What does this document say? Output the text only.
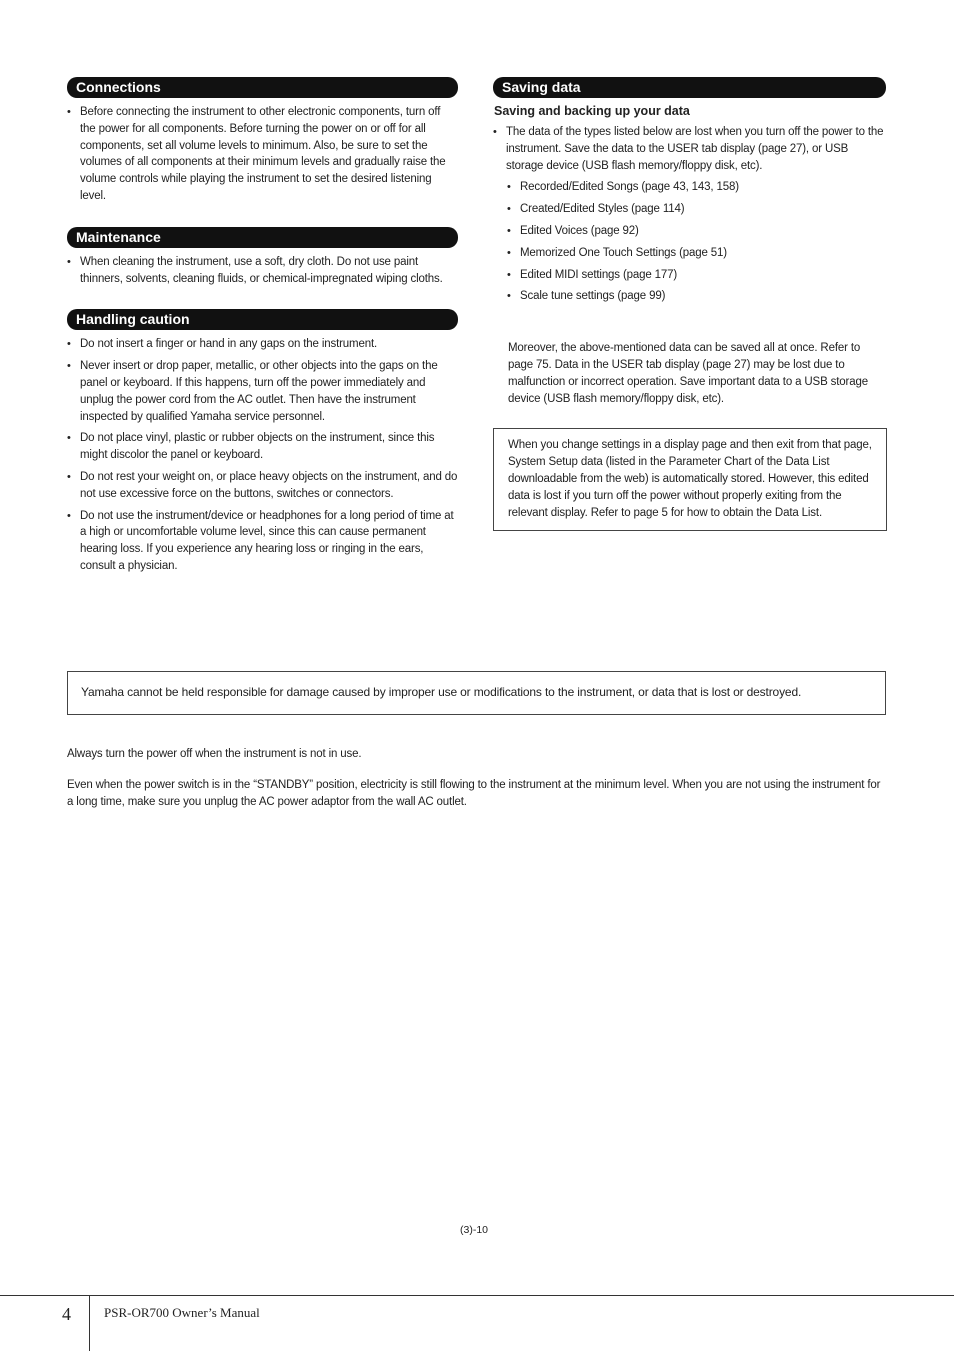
Connections
• Before connecting the instrument to other electronic components, turn off the power for all components. Before turning the power on or off for all components, set all volume levels to minimum. Also, be sure to set the volumes of all components at their minimum levels and gradually raise the volume controls while playing the instrument to set the desired listening level.
Maintenance
• When cleaning the instrument, use a soft, dry cloth. Do not use paint thinners, solvents, cleaning fluids, or chemical-impregnated wiping cloths.
Handling caution
• Do not insert a finger or hand in any gaps on the instrument.
• Never insert or drop paper, metallic, or other objects into the gaps on the panel or keyboard. If this happens, turn off the power immediately and unplug the power cord from the AC outlet. Then have the instrument inspected by qualified Yamaha service personnel.
• Do not place vinyl, plastic or rubber objects on the instrument, since this might discolor the panel or keyboard.
• Do not rest your weight on, or place heavy objects on the instrument, and do not use excessive force on the buttons, switches or connectors.
• Do not use the instrument/device or headphones for a long period of time at a high or uncomfortable volume level, since this can cause permanent hearing loss. If you experience any hearing loss or ringing in the ears, consult a physician.
Saving data
Saving and backing up your data
• The data of the types listed below are lost when you turn off the power to the instrument. Save the data to the USER tab display (page 27), or USB storage device (USB flash memory/floppy disk, etc).
• Recorded/Edited Songs (page 43, 143, 158)
• Created/Edited Styles (page 114)
• Edited Voices (page 92)
• Memorized One Touch Settings (page 51)
• Edited MIDI settings (page 177)
• Scale tune settings (page 99)
Moreover, the above-mentioned data can be saved all at once. Refer to page 75. Data in the USER tab display (page 27) may be lost due to malfunction or incorrect operation. Save important data to a USB storage device (USB flash memory/floppy disk, etc).
When you change settings in a display page and then exit from that page, System Setup data (listed in the Parameter Chart of the Data List downloadable from the web) is automatically stored. However, this edited data is lost if you turn off the power without properly exiting from the relevant display. Refer to page 5 for how to obtain the Data List.
Yamaha cannot be held responsible for damage caused by improper use or modifications to the instrument, or data that is lost or destroyed.
Always turn the power off when the instrument is not in use.
Even when the power switch is in the “STANDBY” position, electricity is still flowing to the instrument at the minimum level. When you are not using the instrument for a long time, make sure you unplug the AC power adaptor from the wall AC outlet.
(3)-10
4	PSR-OR700 Owner’s Manual
